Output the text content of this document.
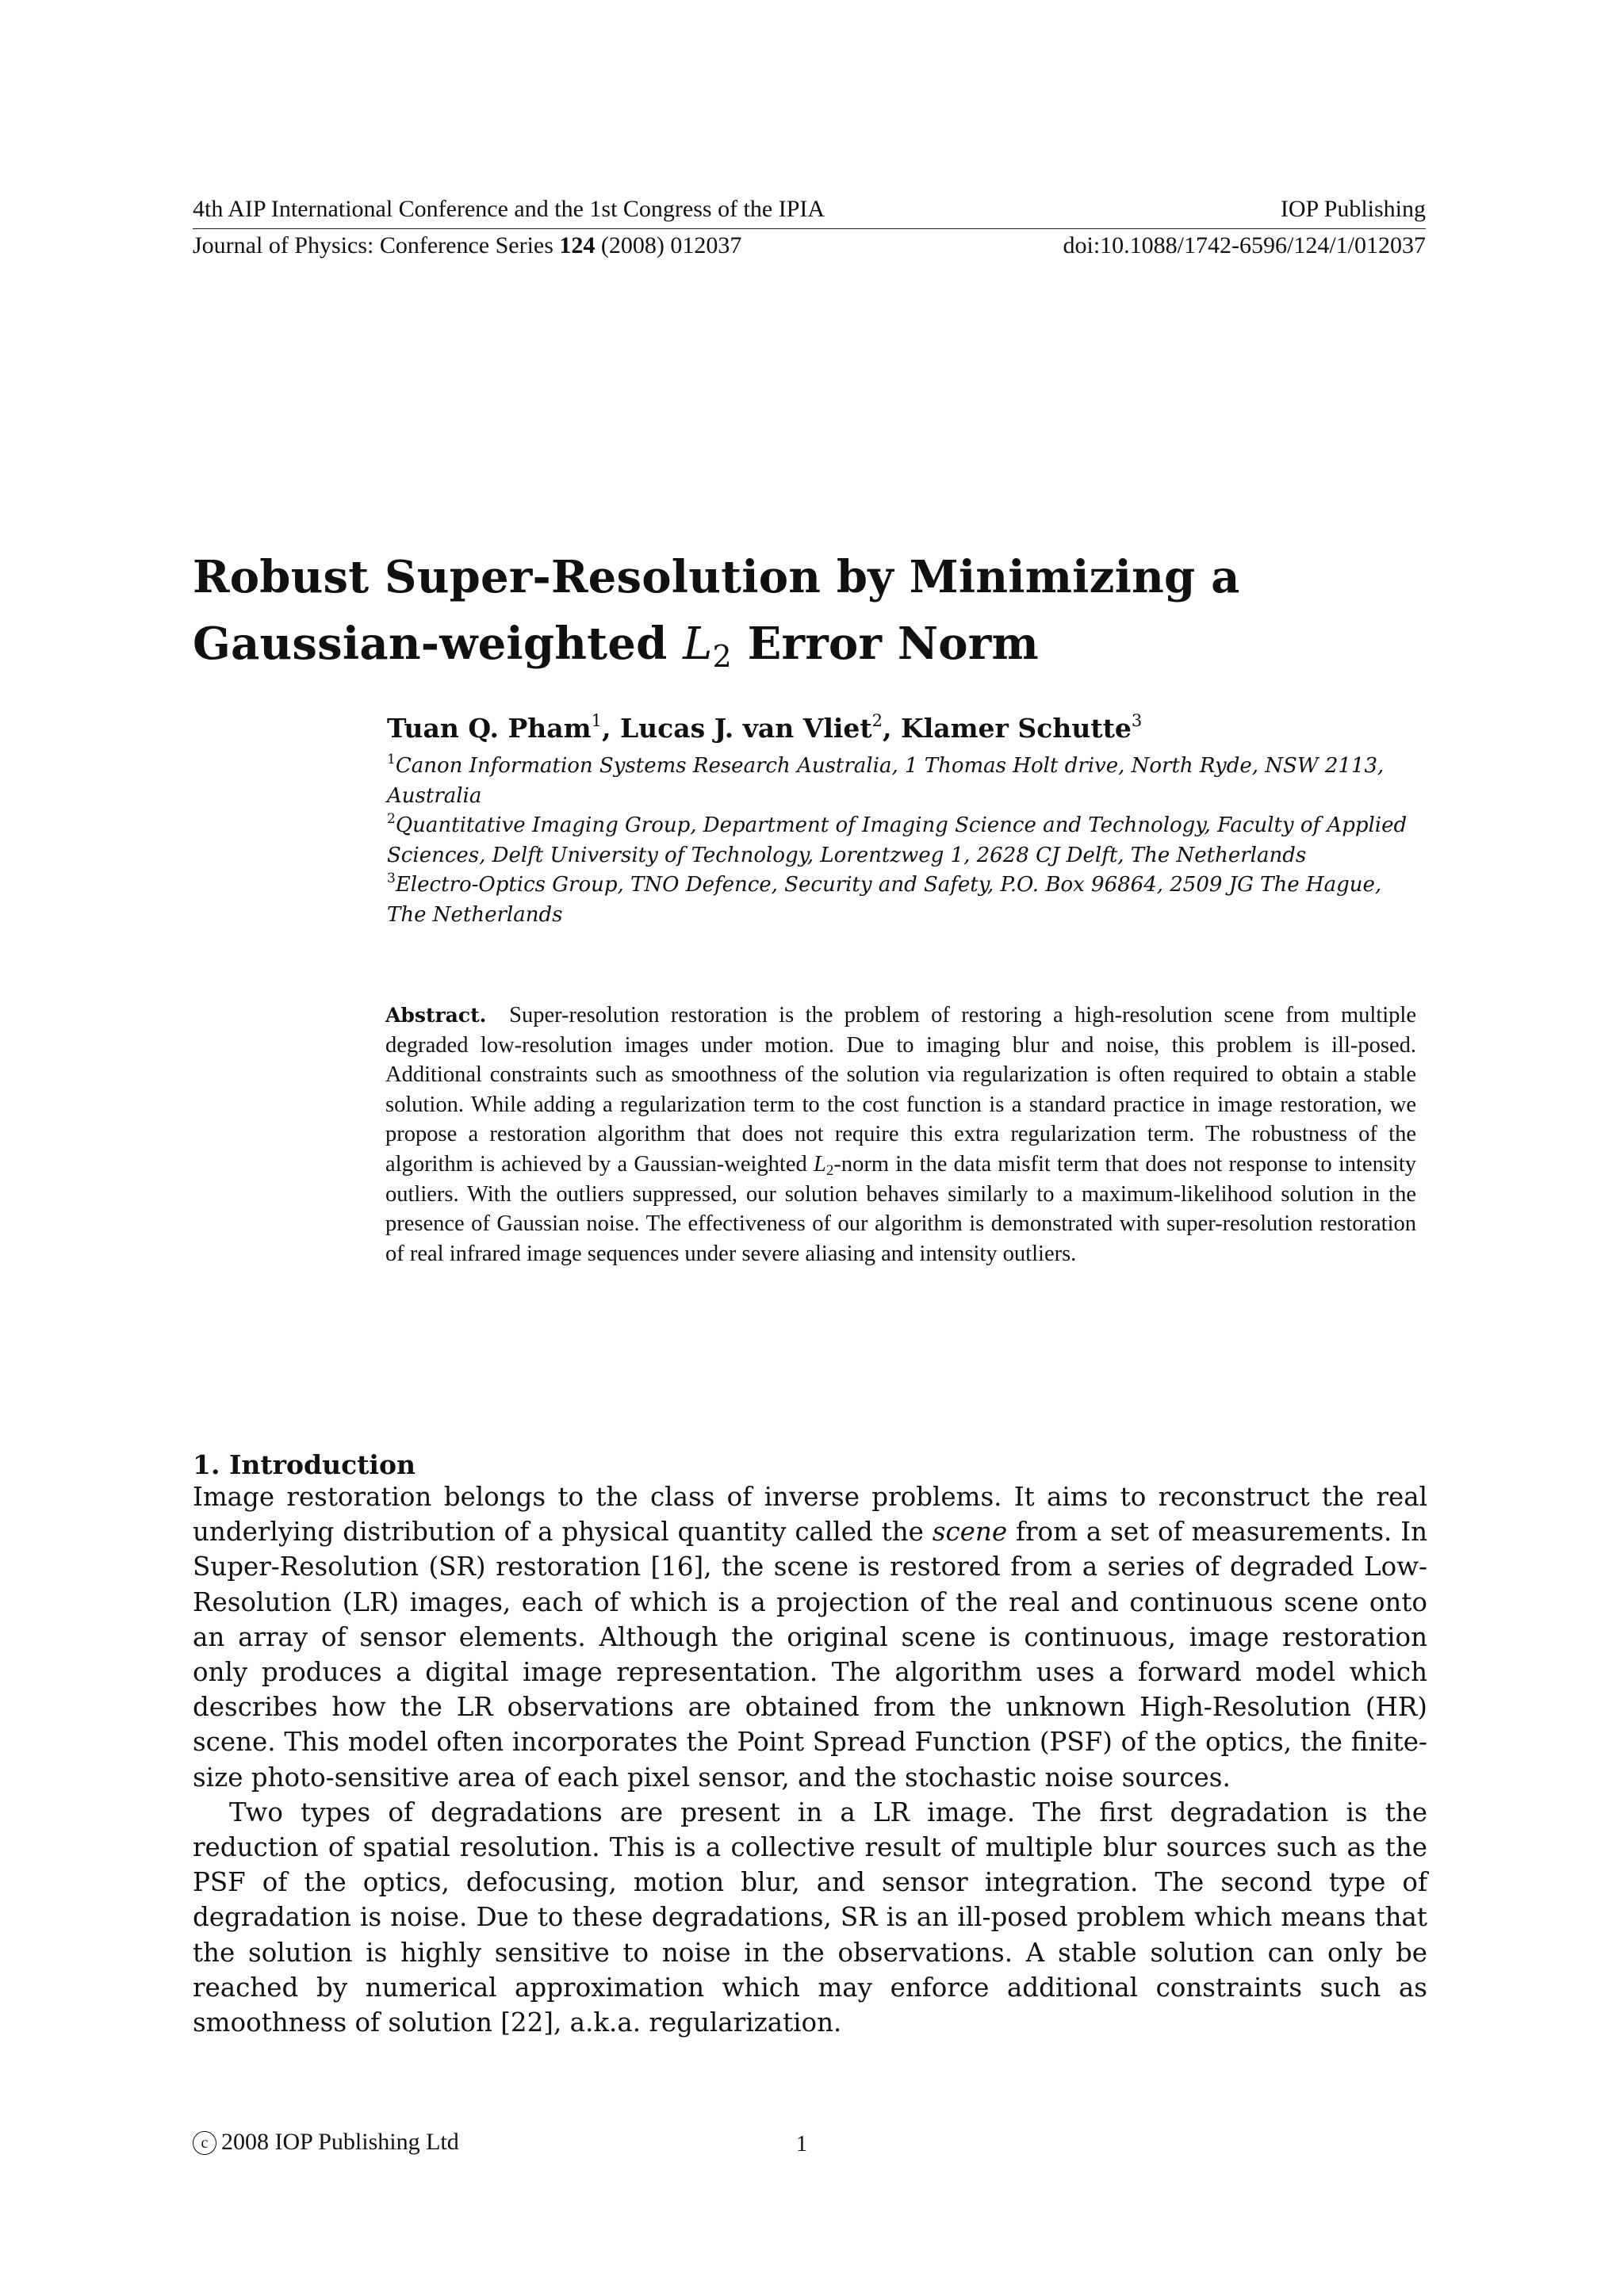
4th AIP International Conference and the 1st Congress of the IPIA	IOP Publishing
Journal of Physics: Conference Series 124 (2008) 012037	doi:10.1088/1742-6596/124/1/012037
Robust Super-Resolution by Minimizing a
Gaussian-weighted $L_2$ Error Norm
Tuan Q. Pham$^1$, Lucas J. van Vliet$^2$, Klamer Schutte$^3$

$^1$Canon Information Systems Research Australia, 1 Thomas Holt drive, North Ryde, NSW 2113, Australia

$^2$Quantitative Imaging Group, Department of Imaging Science and Technology, Faculty of Applied Sciences, Delft University of Technology, Lorentzweg 1, 2628 CJ Delft, The Netherlands

$^3$Electro-Optics Group, TNO Defence, Security and Safety, P.O. Box 96864, 2509 JG The Hague, The Netherlands

Abstract. Super-resolution restoration is the problem of restoring a high-resolution scene from multiple degraded low-resolution images under motion. Due to imaging blur and noise, this problem is ill-posed. Additional constraints such as smoothness of the solution via regularization is often required to obtain a stable solution. While adding a regularization term to the cost function is a standard practice in image restoration, we propose a restoration algorithm that does not require this extra regularization term. The robustness of the algorithm is achieved by a Gaussian-weighted $L_2$-norm in the data misfit term that does not response to intensity outliers. With the outliers suppressed, our solution behaves similarly to a maximum-likelihood solution in the presence of Gaussian noise. The effectiveness of our algorithm is demonstrated with super-resolution restoration of real infrared image sequences under severe aliasing and intensity outliers.
1. Introduction

Image restoration belongs to the class of inverse problems. It aims to reconstruct the real underlying distribution of a physical quantity called the scene from a set of measurements. In Super-Resolution (SR) restoration [16], the scene is restored from a series of degraded Low-Resolution (LR) images, each of which is a projection of the real and continuous scene onto an array of sensor elements. Although the original scene is continuous, image restoration only produces a digital image representation. The algorithm uses a forward model which describes how the LR observations are obtained from the unknown High-Resolution (HR) scene. This model often incorporates the Point Spread Function (PSF) of the optics, the finite-size photo-sensitive area of each pixel sensor, and the stochastic noise sources.

Two types of degradations are present in a LR image. The first degradation is the reduction of spatial resolution. This is a collective result of multiple blur sources such as the PSF of the optics, defocusing, motion blur, and sensor integration. The second type of degradation is noise. Due to these degradations, SR is an ill-posed problem which means that the solution is highly sensitive to noise in the observations. A stable solution can only be reached by numerical approximation which may enforce additional constraints such as smoothness of solution [22], a.k.a. regularization.

c 2008 IOP Publishing Ltd	1
